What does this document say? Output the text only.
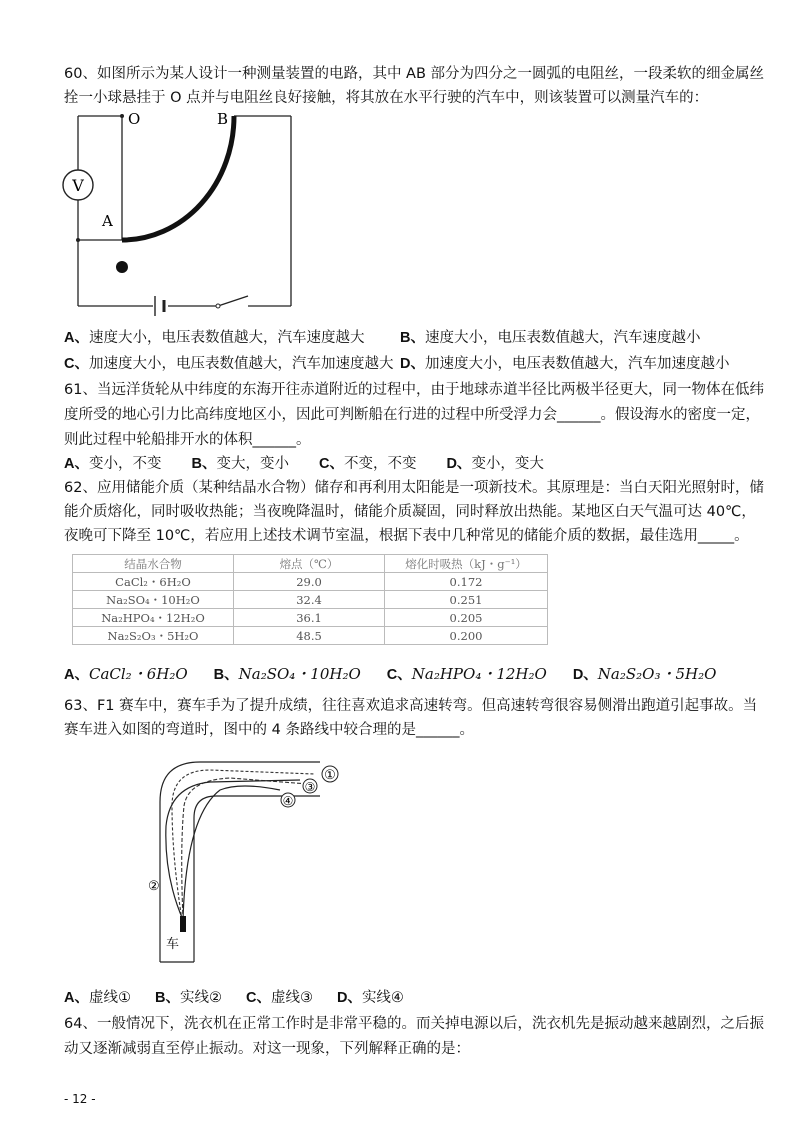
60、如图所示为某人设计一种测量装置的电路，其中 AB 部分为四分之一圆弧的电阻丝，一段柔软的细金属丝
拴一小球悬挂于 O 点并与电阻丝良好接触，将其放在水平行驶的汽车中，则该装置可以测量汽车的：
V
O	B
A
A、速度大小，电压表数值越大，汽车速度越大 B、速度大小，电压表数值越大，汽车速度越小
C、加速度大小，电压表数值越大，汽车加速度越大 D、加速度大小，电压表数值越大，汽车加速度越小
61、当远洋货轮从中纬度的东海开往赤道附近的过程中，由于地球赤道半径比两极半径更大，同一物体在低纬
度所受的地心引力比高纬度地区小，因此可判断船在行进的过程中所受浮力会______。假设海水的密度一定，
则此过程中轮船排开水的体积______。
A、变小，不变 B、变大，变小 C、不变，不变 D、变小，变大
62、应用储能介质（某种结晶水合物）储存和再利用太阳能是一项新技术。其原理是：当白天阳光照射时，储
能介质熔化，同时吸收热能；当夜晚降温时，储能介质凝固，同时释放出热能。某地区白天气温可达 40℃，
夜晚可下降至 10℃，若应用上述技术调节室温，根据下表中几种常见的储能介质的数据，最佳选用_____。
结晶水合物	熔点（℃）	熔化时吸热（kJ・g⁻¹）
CaCl₂・6H₂O	29.0	0.172
Na₂SO₄・10H₂O	32.4	0.251
Na₂HPO₄・12H₂O	36.1	0.205
Na₂S₂O₃・5H₂O	48.5	0.200
A、CaCl₂・6H₂O B、Na₂SO₄・10H₂O C、Na₂HPO₄・12H₂O D、Na₂S₂O₃・5H₂O
63、F1 赛车中，赛车手为了提升成绩，往往喜欢追求高速转弯。但高速转弯很容易侧滑出跑道引起事故。当
赛车进入如图的弯道时，图中的 4 条路线中较合理的是______。
车
①
③
④
②
A、虚线① B、实线② C、虚线③ D、实线④
64、一般情况下，洗衣机在正常工作时是非常平稳的。而关掉电源以后，洗衣机先是振动越来越剧烈，之后振
动又逐渐减弱直至停止振动。对这一现象，下列解释正确的是：
- 12 -
